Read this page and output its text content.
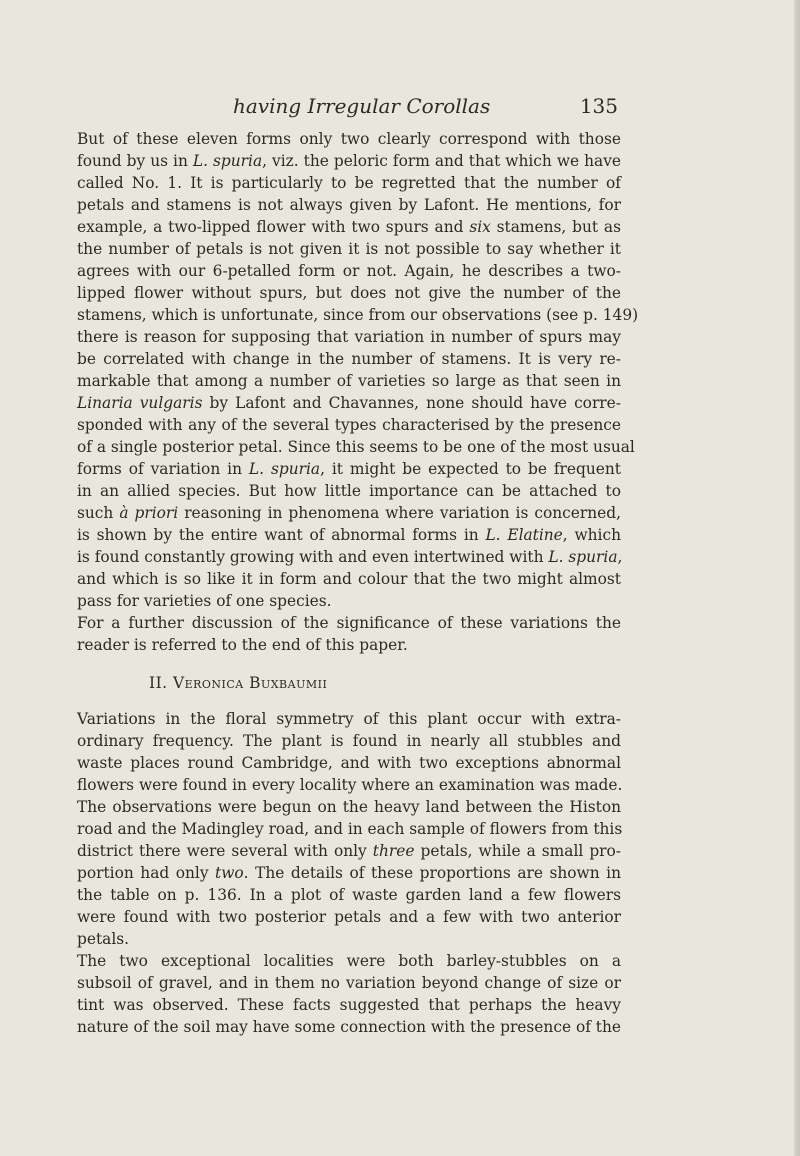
having Irregular Corollas	135

But of these eleven forms only two clearly correspond with those
found by us in L. spuria, viz. the peloric form and that which we have
called No. 1. It is particularly to be regretted that the number of
petals and stamens is not always given by Lafont. He mentions, for
example, a two-lipped flower with two spurs and six stamens, but as
the number of petals is not given it is not possible to say whether it
agrees with our 6-petalled form or not. Again, he describes a two-
lipped flower without spurs, but does not give the number of the
stamens, which is unfortunate, since from our observations (see p. 149)
there is reason for supposing that variation in number of spurs may
be correlated with change in the number of stamens. It is very re-
markable that among a number of varieties so large as that seen in
Linaria vulgaris by Lafont and Chavannes, none should have corre-
sponded with any of the several types characterised by the presence
of a single posterior petal. Since this seems to be one of the most usual
forms of variation in L. spuria, it might be expected to be frequent
in an allied species. But how little importance can be attached to
such à priori reasoning in phenomena where variation is concerned,
is shown by the entire want of abnormal forms in L. Elatine, which
is found constantly growing with and even intertwined with L. spuria,
and which is so like it in form and colour that the two might almost
pass for varieties of one species.

For a further discussion of the significance of these variations the
reader is referred to the end of this paper.

II. Veronica Buxbaumii

Variations in the floral symmetry of this plant occur with extra-
ordinary frequency. The plant is found in nearly all stubbles and
waste places round Cambridge, and with two exceptions abnormal
flowers were found in every locality where an examination was made.
The observations were begun on the heavy land between the Histon
road and the Madingley road, and in each sample of flowers from this
district there were several with only three petals, while a small pro-
portion had only two. The details of these proportions are shown in
the table on p. 136. In a plot of waste garden land a few flowers
were found with two posterior petals and a few with two anterior
petals.

The two exceptional localities were both barley-stubbles on a
subsoil of gravel, and in them no variation beyond change of size or
tint was observed. These facts suggested that perhaps the heavy
nature of the soil may have some connection with the presence of the
